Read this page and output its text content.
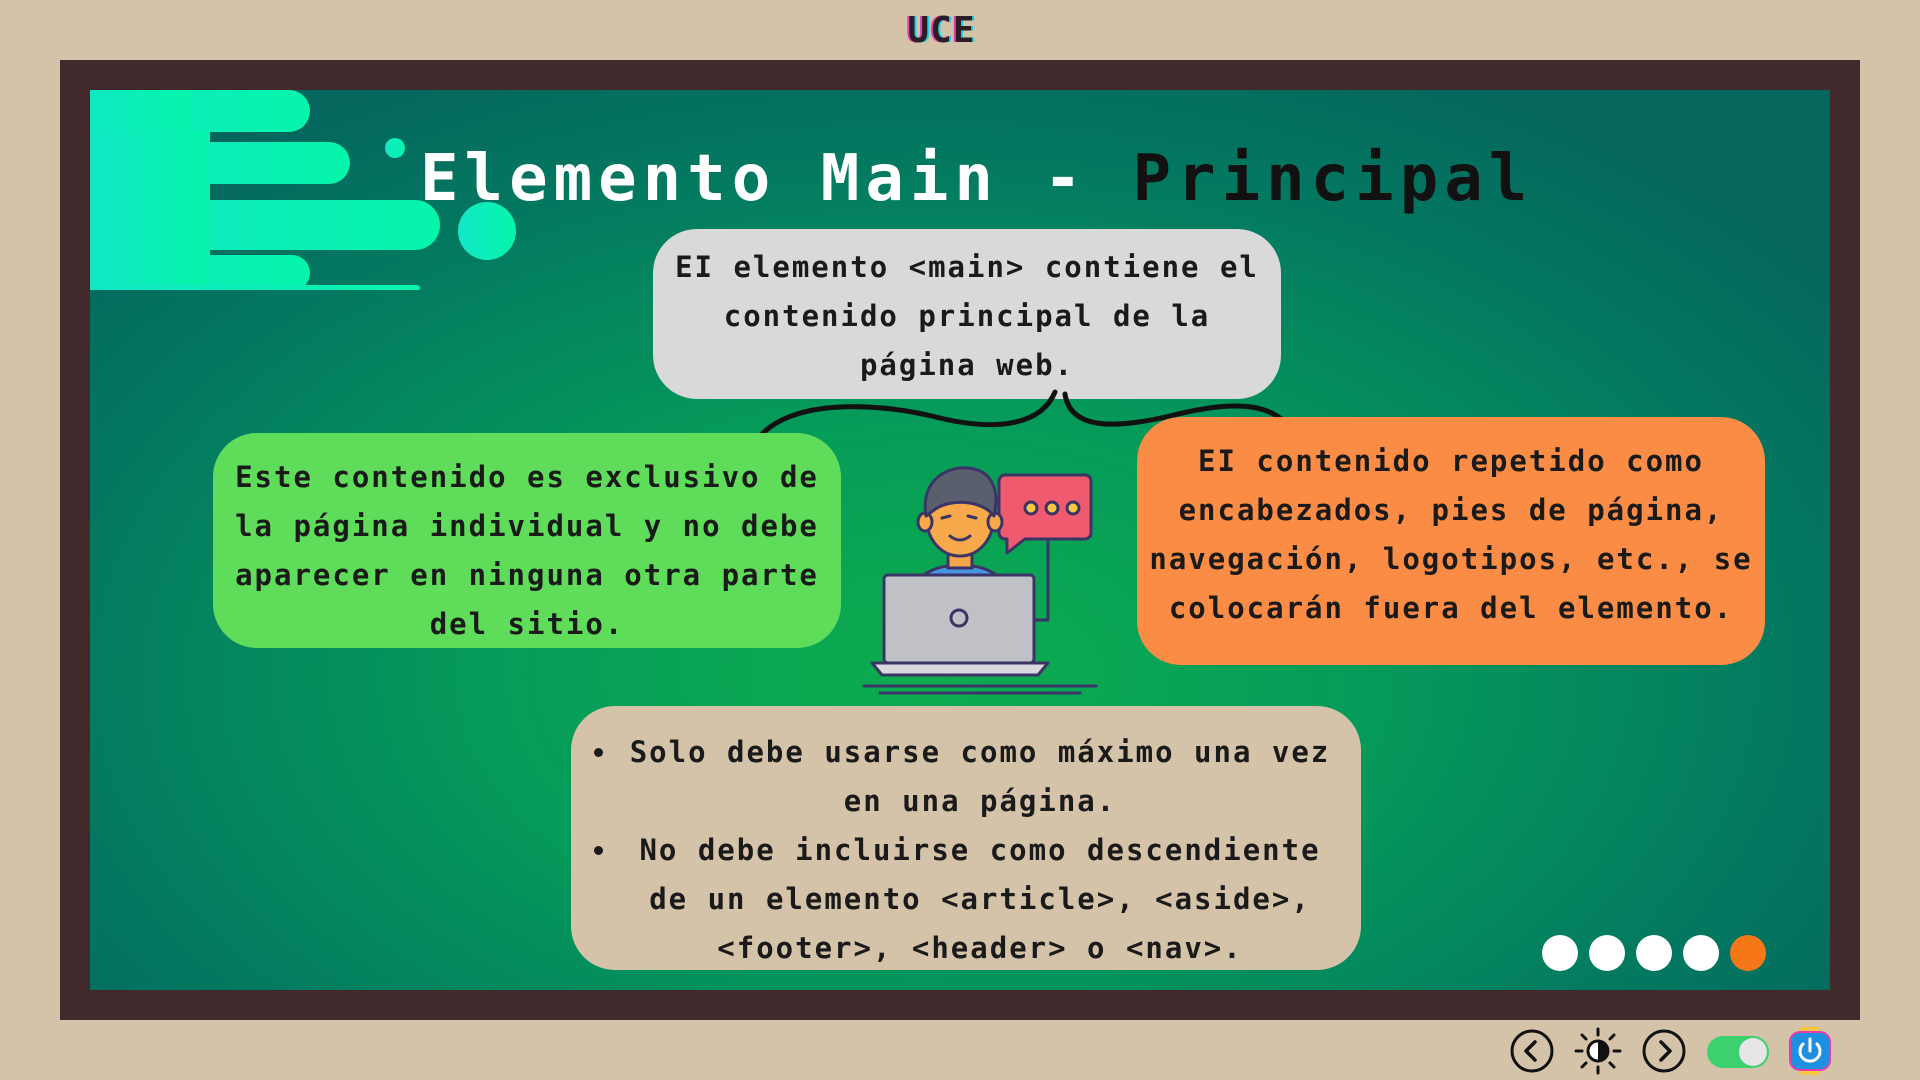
UCE
Elemento Main - Principal
EI elemento <main> contiene el contenido principal de la página web.
Este contenido es exclusivo de la página individual y no debe aparecer en ninguna otra parte del sitio.
EI contenido repetido como encabezados, pies de página, navegación, logotipos, etc., se colocarán fuera del elemento.
• Solo debe usarse como máximo una vez en una página.
• No debe incluirse como descendiente de un elemento <article>, <aside>, <footer>, <header> o <nav>.
